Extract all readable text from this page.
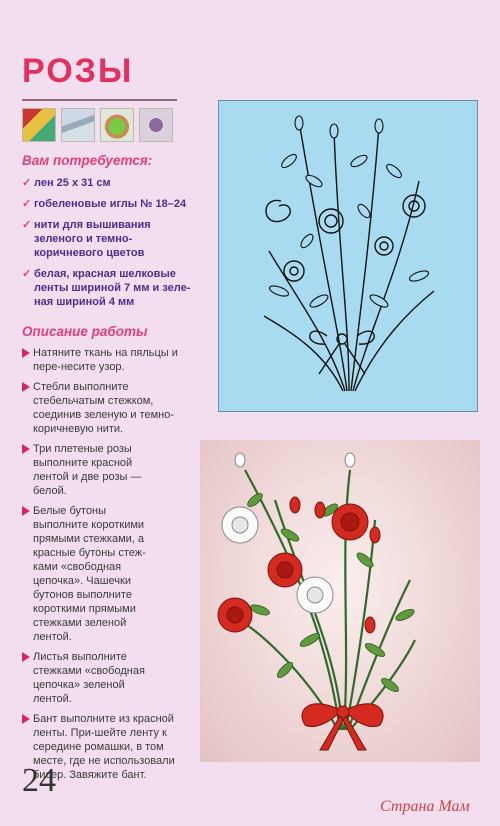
РОЗЫ
Вам потребуется:
✓ лен 25 х 31 см
✓ гобеленовые иглы № 18–24
✓ нити для вышивания зеленого и темно-коричневого цветов
✓ белая, красная шелковые ленты шириной 7 мм и зеле-ная шириной 4 мм
Описание работы
Натяните ткань на пяльцы и пере-несите узор.
Стебли выполните стебельчатым стежком, соединив зеленую и темно-коричневую нити.
Три плетеные розы выполните красной лентой и две розы — белой.
Белые бутоны выполните короткими прямыми стежками, а красные бутоны стеж-ками «свободная цепочка». Чашечки бутонов выполните короткими прямыми стежками зеленой лентой.
Листья выполните стежками «свободная цепочка» зеленой лентой.
Бант выполните из красной ленты. При-шейте ленту к середине ромашки, в том месте, где не использовали бисер. Завяжите бант.
24
Страна Мам
